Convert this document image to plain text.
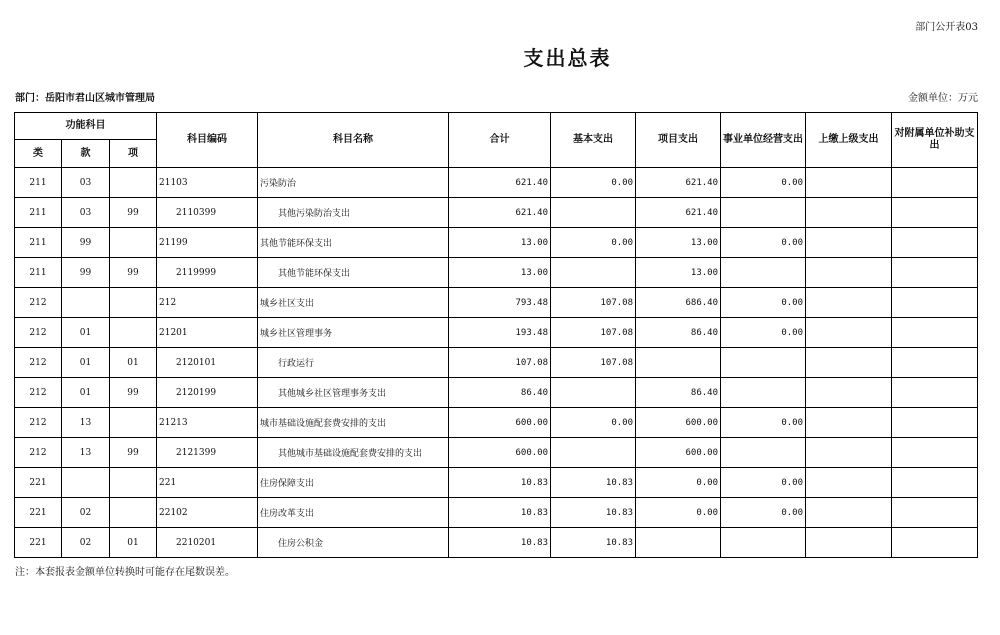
部门公开表03
支出总表
部门：岳阳市君山区城市管理局	金额单位：万元
功能科目			科目编码	科目名称	合计	基本支出	项目支出	事业单位经营支出	上缴上级支出	对附属单位补助支出
类	款	项								
211	03		21103	污染防治	621.40	0.00	621.40	0.00		
211	03	99	2110399	其他污染防治支出	621.40		621.40			
211	99		21199	其他节能环保支出	13.00	0.00	13.00	0.00		
211	99	99	2119999	其他节能环保支出	13.00		13.00			
212			212	城乡社区支出	793.48	107.08	686.40	0.00		
212	01		21201	城乡社区管理事务	193.48	107.08	86.40	0.00		
212	01	01	2120101	行政运行	107.08	107.08				
212	01	99	2120199	其他城乡社区管理事务支出	86.40		86.40			
212	13		21213	城市基础设施配套费安排的支出	600.00	0.00	600.00	0.00		
212	13	99	2121399	其他城市基础设施配套费安排的支出	600.00		600.00			
221			221	住房保障支出	10.83	10.83	0.00	0.00		
221	02		22102	住房改革支出	10.83	10.83	0.00	0.00		
221	02	01	2210201	住房公积金	10.83	10.83				
注：本套报表金额单位转换时可能存在尾数误差。
